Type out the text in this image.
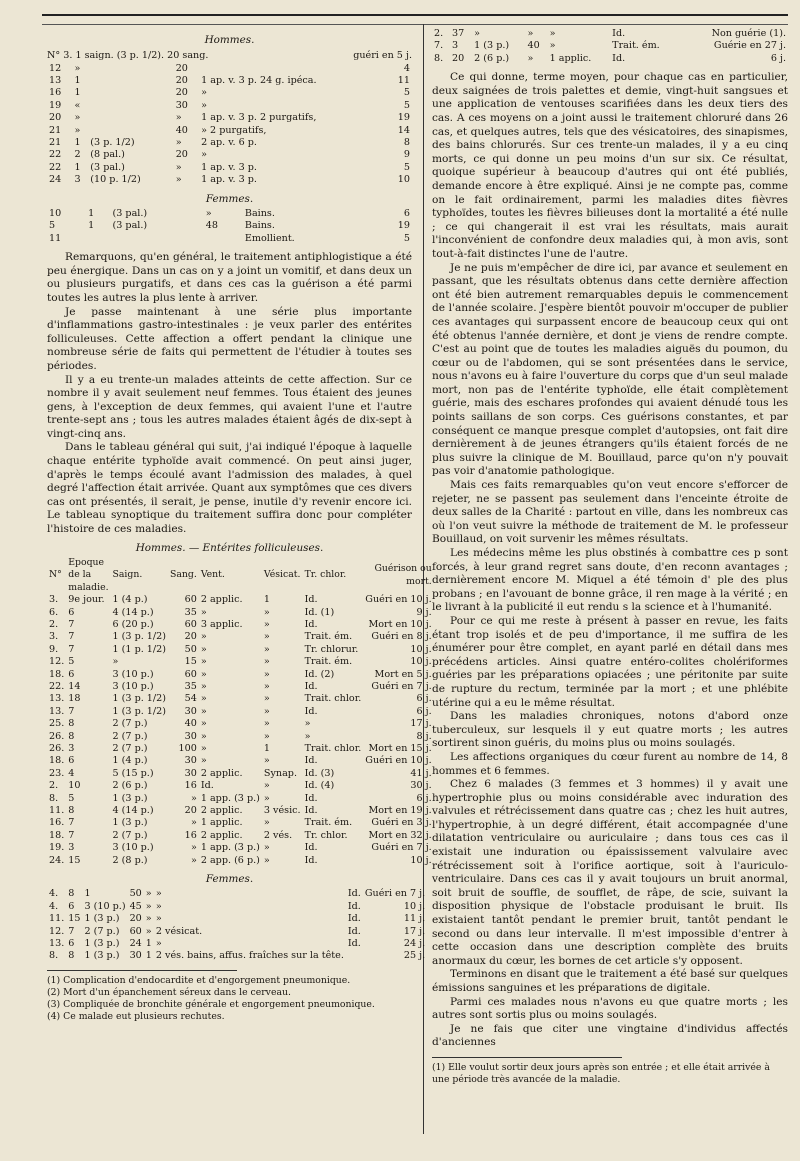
Hommes.
N° 3. 1 saign. (3 p. 1/2). 20 sang.	guéri en 5 j.
12	»		20		4
13	1		20	1 ap. v. 3 p. 24 g. ipéca.	11
16	1		20	»	5
19	«		30	»	5
20	»		»	1 ap. v. 3 p. 2 purgatifs,	19
21	»		40	» 2 purgatifs,	14
21	1	(3 p. 1/2)	»	2 ap. v. 6 p.	8
22	2	(8 pal.)	20	»	9
22	1	(3 pal.)	»	1 ap. v. 3 p.	5
24	3	(10 p. 1/2)	»	1 ap. v. 3 p.	10
Femmes.
10	1	(3 pal.)	»	Bains.	6
5	1	(3 pal.)	48	Bains.	19
11				Emollient.	5

Remarquons, qu'en général, le traitement antiphlogistique a été peu énergique. Dans un cas on y a joint un vomitif, et dans deux un ou plusieurs purgatifs, et dans ces cas la guérison a été parmi toutes les autres la plus lente à arriver.

Je passe maintenant à une série plus importante d'inflammations gastro-intestinales : je veux parler des entérites folliculeuses. Cette affection a offert pendant la clinique une nombreuse série de faits qui permettent de l'étudier à toutes ses périodes.

Il y a eu trente-un malades atteints de cette affection. Sur ce nombre il y avait seulement neuf femmes. Tous étaient des jeunes gens, à l'exception de deux femmes, qui avaient l'une et l'autre trente-sept ans ; tous les autres malades étaient âgés de dix-sept à vingt-cinq ans.

Dans le tableau général qui suit, j'ai indiqué l'époque à laquelle chaque entérite typhoïde avait commencé. On peut ainsi juger, d'après le temps écoulé avant l'admission des malades, à quel degré l'affection était arrivée. Quant aux symptômes que ces divers cas ont présentés, il serait, je pense, inutile d'y revenir encore ici. Le tableau synoptique du traitement suffira donc pour compléter l'histoire de ces maladies.

Hommes. — Entérites folliculeuses.
N°	Epoque de la maladie.	Saign.	Sang.	Vent.	Vésicat.	Tr. chlor.	Guérison ou mort.
3.	9e jour.	1 (4 p.)	60	2 applic.	1	Id.	Guéri en 10 j.
6.	6	4 (14 p.)	35	»	»	Id. (1)	9 j.
2.	7	6 (20 p.)	60	3 applic.	»	Id.	Mort en 10 j.
3.	7	1 (3 p. 1/2)	20	»	»	Trait. ém.	Guéri en 8 j.
9.	7	1 (1 p. 1/2)	50	»	»	Tr. chlorur.	10 j.
12.	5	»	15	»	»	Trait. ém.	10 j.
18.	6	3 (10 p.)	60	»	»	Id. (2)	Mort en 5 j.
22.	14	3 (10 p.)	35	»	»	Id.	Guéri en 7 j.
13.	18	1 (3 p. 1/2)	54	»	»	Trait. chlor.	6 j.
13.	7	1 (3 p. 1/2)	30	»	»	Id.	6 j.
25.	8	2 (7 p.)	40	»	»	»	17 j.
26.	8	2 (7 p.)	30	»	»	»	8 j.
26.	3	2 (7 p.)	100	»	1	Trait. chlor.	Mort en 15 j.
18.	6	1 (4 p.)	30	»	»	Id.	Guéri en 10 j.
23.	4	5 (15 p.)	30	2 applic.	Synap.	Id. (3)	41 j.
2.	10	2 (6 p.)	16	Id.	»	Id. (4)	30 j.
8.	5	1 (3 p.)	»	1 app. (3 p.)	»	Id.	6 j.
11.	8	4 (14 p.)	20	2 applic.	3 vésic.	Id.	Mort en 19 j.
16.	7	1 (3 p.)	»	1 applic.	»	Trait. ém.	Guéri en 3 j.
18.	7	2 (7 p.)	16	2 applic.	2 vés.	Tr. chlor.	Mort en 32 j.
19.	3	3 (10 p.)	»	1 app. (3 p.)	»	Id.	Guéri en 7 j.
24.	15	2 (8 p.)	»	2 app. (6 p.)	»	Id.	10 j.
Femmes.
4.	8	1	50	»	»	Id.	Guéri en 7 j.
4.	6	3 (10 p.)	45	»	»	Id.	10 j.
11.	15	1 (3 p.)	20	»	»	Id.	11 j.
12.	7	2 (7 p.)	60	»	2 vésicat.	Id.	17 j.
13.	6	1 (3 p.)	24	1	»	Id.	24 j.
8.	8	1 (3 p.)	30	1	2 vés. bains, affus. fraîches sur la tête.		25 j.

(1) Complication d'endocardite et d'engorgement pneumonique.

(2) Mort d'un épanchement séreux dans le cerveau.

(3) Compliquée de bronchite générale et engorgement pneumonique.

(4) Ce malade eut plusieurs rechutes.

2.	37	»	»	»	Id.	Non guérie (1).
7.	3	1 (3 p.)	40	»	Trait. ém.	Guérie en 27 j.
8.	20	2 (6 p.)	»	1 applic.	Id.	6 j.

Ce qui donne, terme moyen, pour chaque cas en particulier, deux saignées de trois palettes et demie, vingt-huit sangsues et une application de ventouses scarifiées dans les deux tiers des cas. A ces moyens on a joint aussi le traitement chloruré dans 26 cas, et quelques autres, tels que des vésicatoires, des sinapismes, des bains chlorurés. Sur ces trente-un malades, il y a eu cinq morts, ce qui donne un peu moins d'un sur six. Ce résultat, quoique supérieur à beaucoup d'autres qui ont été publiés, demande encore à être expliqué. Ainsi je ne compte pas, comme on le fait ordinairement, parmi les maladies dites fièvres typhoïdes, toutes les fièvres bilieuses dont la mortalité a été nulle ; ce qui changerait il est vrai les résultats, mais aurait l'inconvénient de confondre deux maladies qui, à mon avis, sont tout-à-fait distinctes l'une de l'autre.

Je ne puis m'empêcher de dire ici, par avance et seulement en passant, que les résultats obtenus dans cette dernière affection ont été bien autrement remarquables depuis le commencement de l'année scolaire. J'espère bientôt pouvoir m'occuper de publier ces avantages qui surpassent encore de beaucoup ceux qui ont été obtenus l'année dernière, et dont je viens de rendre compte. C'est au point que de toutes les maladies aiguës du poumon, du cœur ou de l'abdomen, qui se sont présentées dans le service, nous n'avons eu à faire l'ouverture du corps que d'un seul malade mort, non pas de l'entérite typhoïde, elle était complètement guérie, mais des eschares profondes qui avaient dénudé tous les points saillans de son corps. Ces guérisons constantes, et par conséquent ce manque presque complet d'autopsies, ont fait dire dernièrement à de jeunes étrangers qu'ils étaient forcés de ne plus suivre la clinique de M. Bouillaud, parce qu'on n'y pouvait pas voir d'anatomie pathologique.

Mais ces faits remarquables qu'on veut encore s'efforcer de rejeter, ne se passent pas seulement dans l'enceinte étroite de deux salles de la Charité : partout en ville, dans les nombreux cas où l'on veut suivre la méthode de traitement de M. le professeur Bouillaud, on voit survenir les mêmes résultats.

Les médecins même les plus obstinés à combattre ces p sont forcés, à leur grand regret sans doute, d'en reconn avantages ; dernièrement encore M. Miquel a été témoin d' ple des plus probans ; en l'avouant de bonne grâce, il ren mage à la vérité ; en le livrant à la publicité il eut rendu s la science et à l'humanité.

Pour ce qui me reste à présent à passer en revue, les faits étant trop isolés et de peu d'importance, il me suffira de les énumérer pour être complet, en ayant parlé en détail dans mes précédens articles. Ainsi quatre entéro-colites cholériformes guéries par les préparations opiacées ; une péritonite par suite de rupture du rectum, terminée par la mort ; et une phlébite utérine qui a eu le même résultat.

Dans les maladies chroniques, notons d'abord onze tuberculeux, sur lesquels il y eut quatre morts ; les autres sortirent sinon guéris, du moins plus ou moins soulagés.

Les affections organiques du cœur furent au nombre de 14, 8 hommes et 6 femmes.

Chez 6 malades (3 femmes et 3 hommes) il y avait une hypertrophie plus ou moins considérable avec induration des valvules et rétrécissement dans quatre cas ; chez les huit autres, l'hypertrophie, à un degré différent, était accompagnée d'une dilatation ventriculaire ou auriculaire ; dans tous ces cas il existait une induration ou épaississement valvulaire avec rétrécissement soit à l'orifice aortique, soit à l'auriculo-ventriculaire. Dans ces cas il y avait toujours un bruit anormal, soit bruit de souffle, de soufflet, de râpe, de scie, suivant la disposition physique de l'obstacle produisant le bruit. Ils existaient tantôt pendant le premier bruit, tantôt pendant le second ou dans leur intervalle. Il m'est impossible d'entrer à cette occasion dans une description complète des bruits anormaux du cœur, les bornes de cet article s'y opposent.

Terminons en disant que le traitement a été basé sur quelques émissions sanguines et les préparations de digitale.

Parmi ces malades nous n'avons eu que quatre morts ; les autres sont sortis plus ou moins soulagés.

Je ne fais que citer une vingtaine d'individus affectés d'anciennes

(1) Elle voulut sortir deux jours après son entrée ; et elle était arrivée à une période très avancée de la maladie.
